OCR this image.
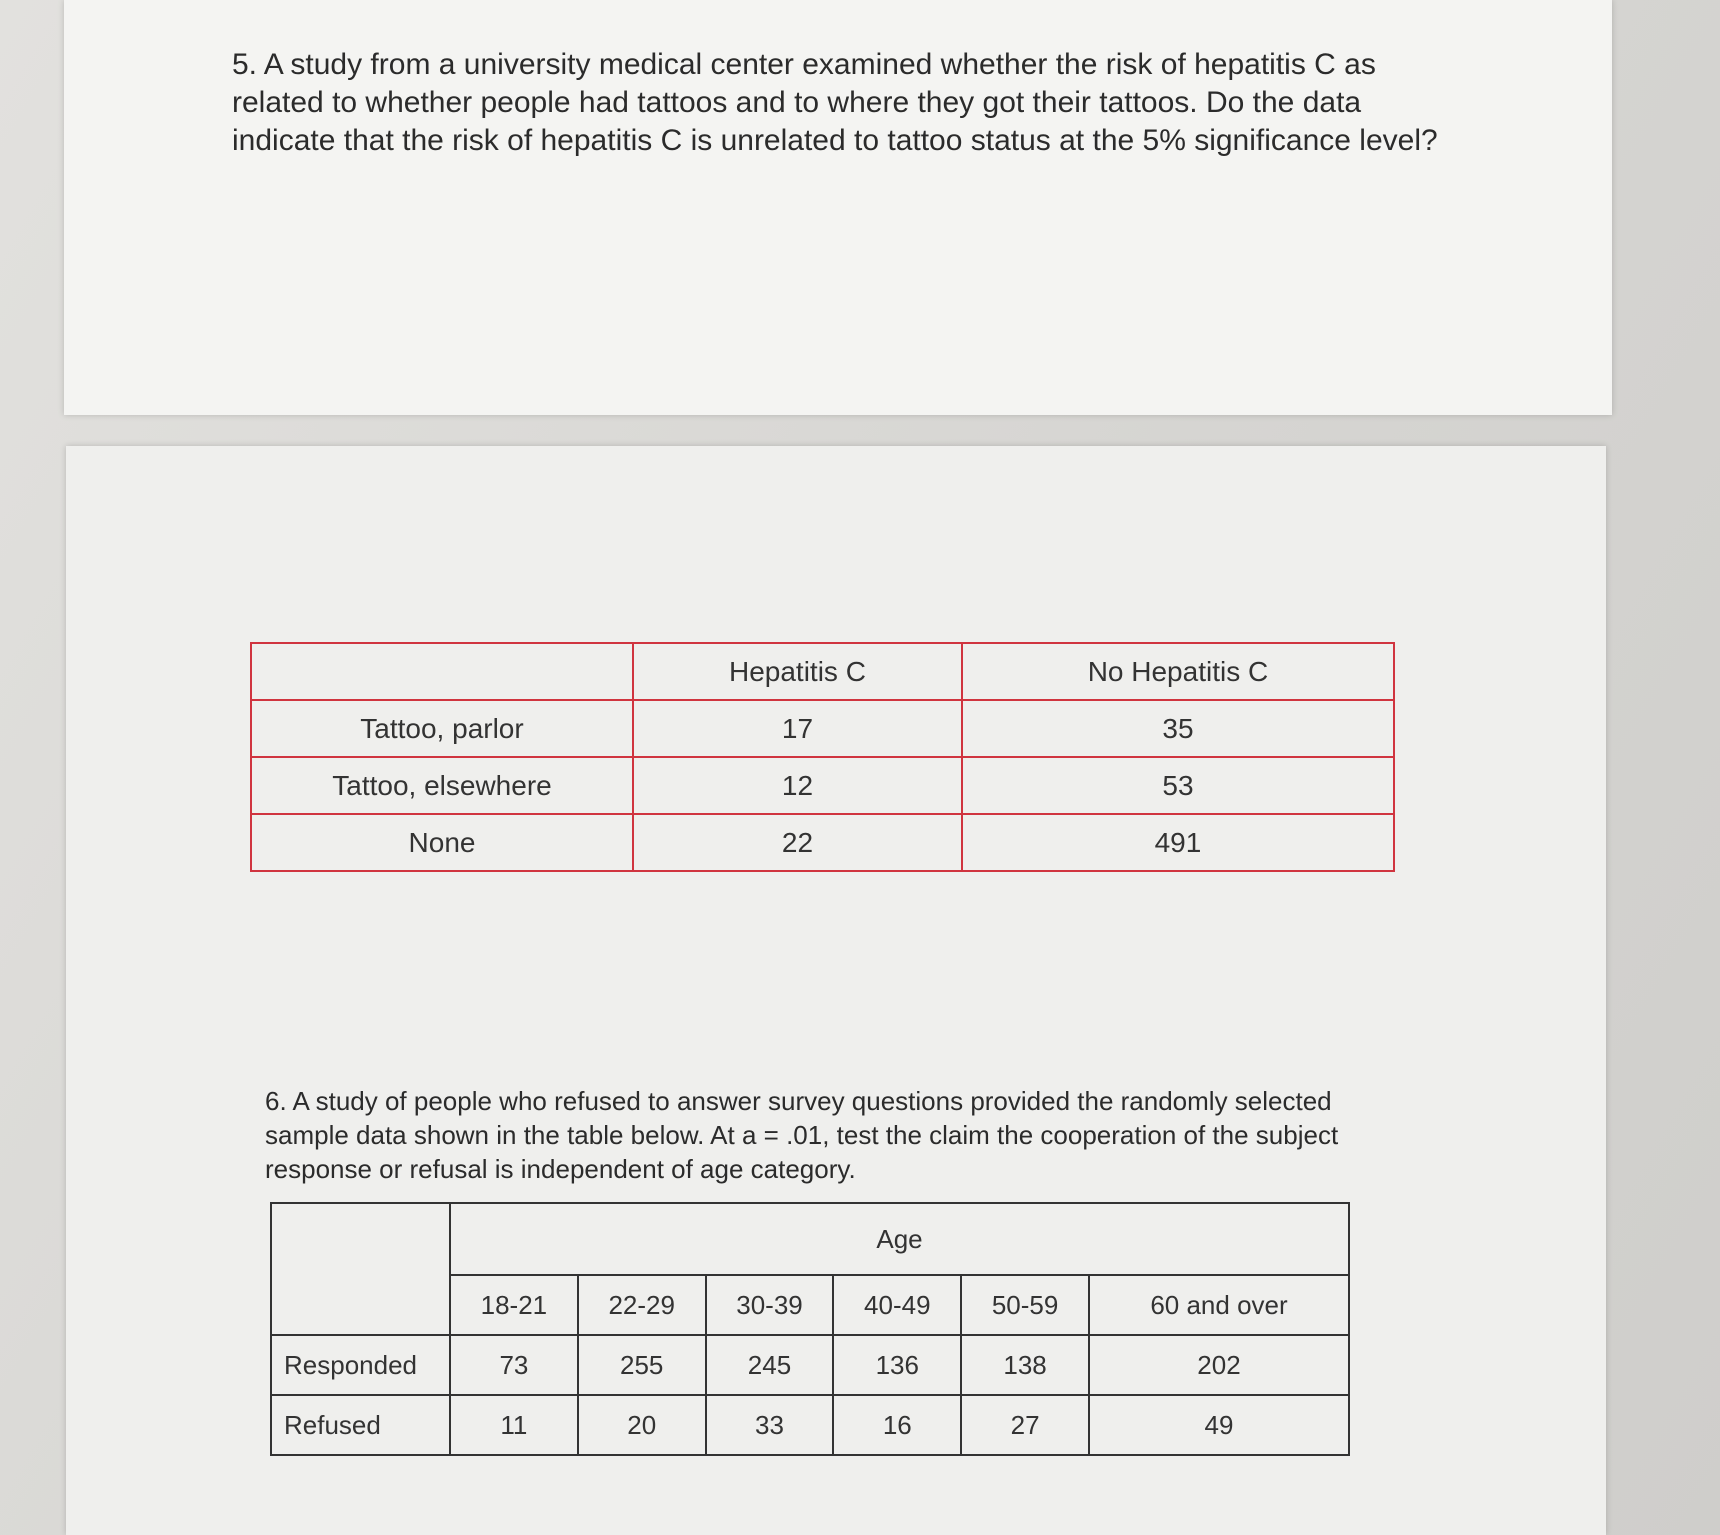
5. A study from a university medical center examined whether the risk of hepatitis C as related to whether people had tattoos and to where they got their tattoos. Do the data indicate that the risk of hepatitis C is unrelated to tattoo status at the 5% significance level?

	Hepatitis C	No Hepatitis C
Tattoo, parlor	17	35
Tattoo, elsewhere	12	53
None	22	491

6. A study of people who refused to answer survey questions provided the randomly selected sample data shown in the table below. At a = .01, test the claim the cooperation of the subject response or refusal is independent of age category.

	Age					
	18-21	22-29	30-39	40-49	50-59	60 and over
Responded	73	255	245	136	138	202
Refused	11	20	33	16	27	49
